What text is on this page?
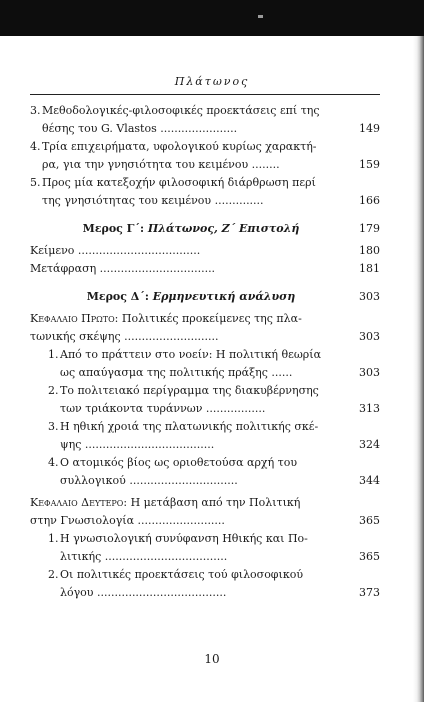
Πλάτωνος
3. Μεθοδολογικές-φιλοσοφικές προεκτάσεις επί της
θέσης του G. Vlastos ......................	149
4. Τρία επιχειρήματα, υφολογικού κυρίως χαρακτή-
ρα, για την γνησιότητα του κειμένου ........	159
5. Προς μία κατεξοχήν φιλοσοφική διάρθρωση περί
της γνησιότητας του κειμένου ..............	166
Μερος Γ΄: Πλάτωνος, Ζ΄ Επιστολή	179
Κείμενο ...................................	180
Μετάφραση .................................	181
Μερος Δ΄: Ερμηνευτική ανάλυση	303
Κεφαλαιο Πρωτο: Πολιτικές προκείμενες της πλα-
τωνικής σκέψης ...........................	303
1. Από το πράττειν στο νοείν: Η πολιτική θεωρία
ως απαύγασμα της πολιτικής πράξης ......	303
2. Το πολιτειακό περίγραμμα της διακυβέρνησης
των τριάκοντα τυράννων .................	313
3. Η ηθική χροιά της πλατωνικής πολιτικής σκέ-
ψης .....................................	324
4. Ο ατομικός βίος ως οριοθετούσα αρχή του
συλλογικού ...............................	344
Κεφαλαιο Δευτερο: Η μετάβαση από την Πολιτική
στην Γνωσιολογία .........................	365
1. Η γνωσιολογική συνύφανση Ηθικής και Πο-
λιτικής ...................................	365
2. Οι πολιτικές προεκτάσεις τού φιλοσοφικού
λόγου .....................................	373
10
